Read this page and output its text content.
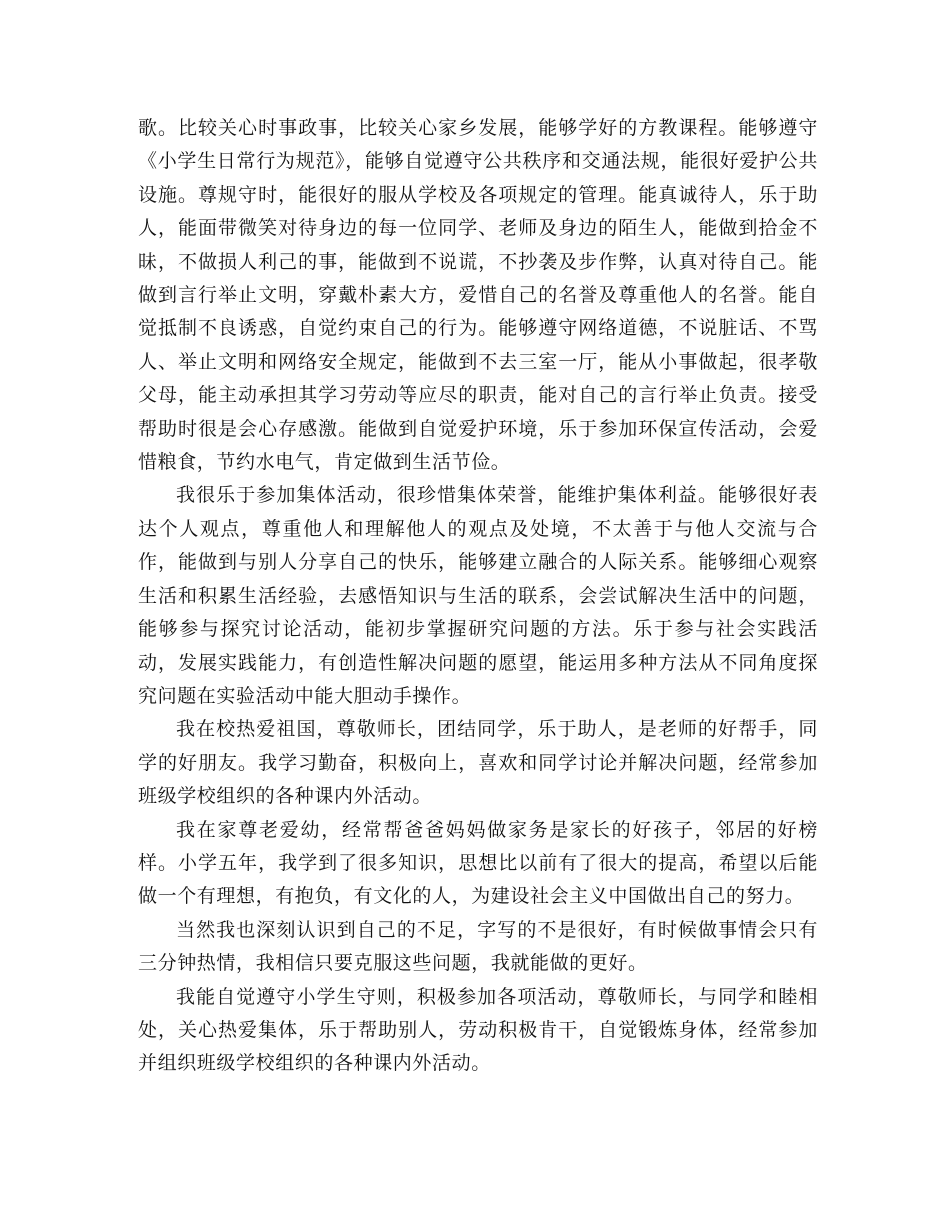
歌。比较关心时事政事，比较关心家乡发展，能够学好的方教课程。能够遵守《小学生日常行为规范》，能够自觉遵守公共秩序和交通法规，能很好爱护公共设施。尊规守时，能很好的服从学校及各项规定的管理。能真诚待人，乐于助人，能面带微笑对待身边的每一位同学、老师及身边的陌生人，能做到拾金不昧，不做损人利己的事，能做到不说谎，不抄袭及步作弊，认真对待自己。能做到言行举止文明，穿戴朴素大方，爱惜自己的名誉及尊重他人的名誉。能自觉抵制不良诱惑，自觉约束自己的行为。能够遵守网络道德，不说脏话、不骂人、举止文明和网络安全规定，能做到不去三室一厅，能从小事做起，很孝敬父母，能主动承担其学习劳动等应尽的职责，能对自己的言行举止负责。接受帮助时很是会心存感激。能做到自觉爱护环境，乐于参加环保宣传活动，会爱惜粮食，节约水电气，肯定做到生活节俭。

我很乐于参加集体活动，很珍惜集体荣誉，能维护集体利益。能够很好表达个人观点，尊重他人和理解他人的观点及处境，不太善于与他人交流与合作，能做到与别人分享自己的快乐，能够建立融合的人际关系。能够细心观察生活和积累生活经验，去感悟知识与生活的联系，会尝试解决生活中的问题，能够参与探究讨论活动，能初步掌握研究问题的方法。乐于参与社会实践活动，发展实践能力，有创造性解决问题的愿望，能运用多种方法从不同角度探究问题在实验活动中能大胆动手操作。

我在校热爱祖国，尊敬师长，团结同学，乐于助人，是老师的好帮手，同学的好朋友。我学习勤奋，积极向上，喜欢和同学讨论并解决问题，经常参加班级学校组织的各种课内外活动。

我在家尊老爱幼，经常帮爸爸妈妈做家务是家长的好孩子，邻居的好榜样。小学五年，我学到了很多知识，思想比以前有了很大的提高，希望以后能做一个有理想，有抱负，有文化的人，为建设社会主义中国做出自己的努力。

当然我也深刻认识到自己的不足，字写的不是很好，有时候做事情会只有三分钟热情，我相信只要克服这些问题，我就能做的更好。

我能自觉遵守小学生守则，积极参加各项活动，尊敬师长，与同学和睦相处，关心热爱集体，乐于帮助别人，劳动积极肯干，自觉锻炼身体，经常参加并组织班级学校组织的各种课内外活动。
